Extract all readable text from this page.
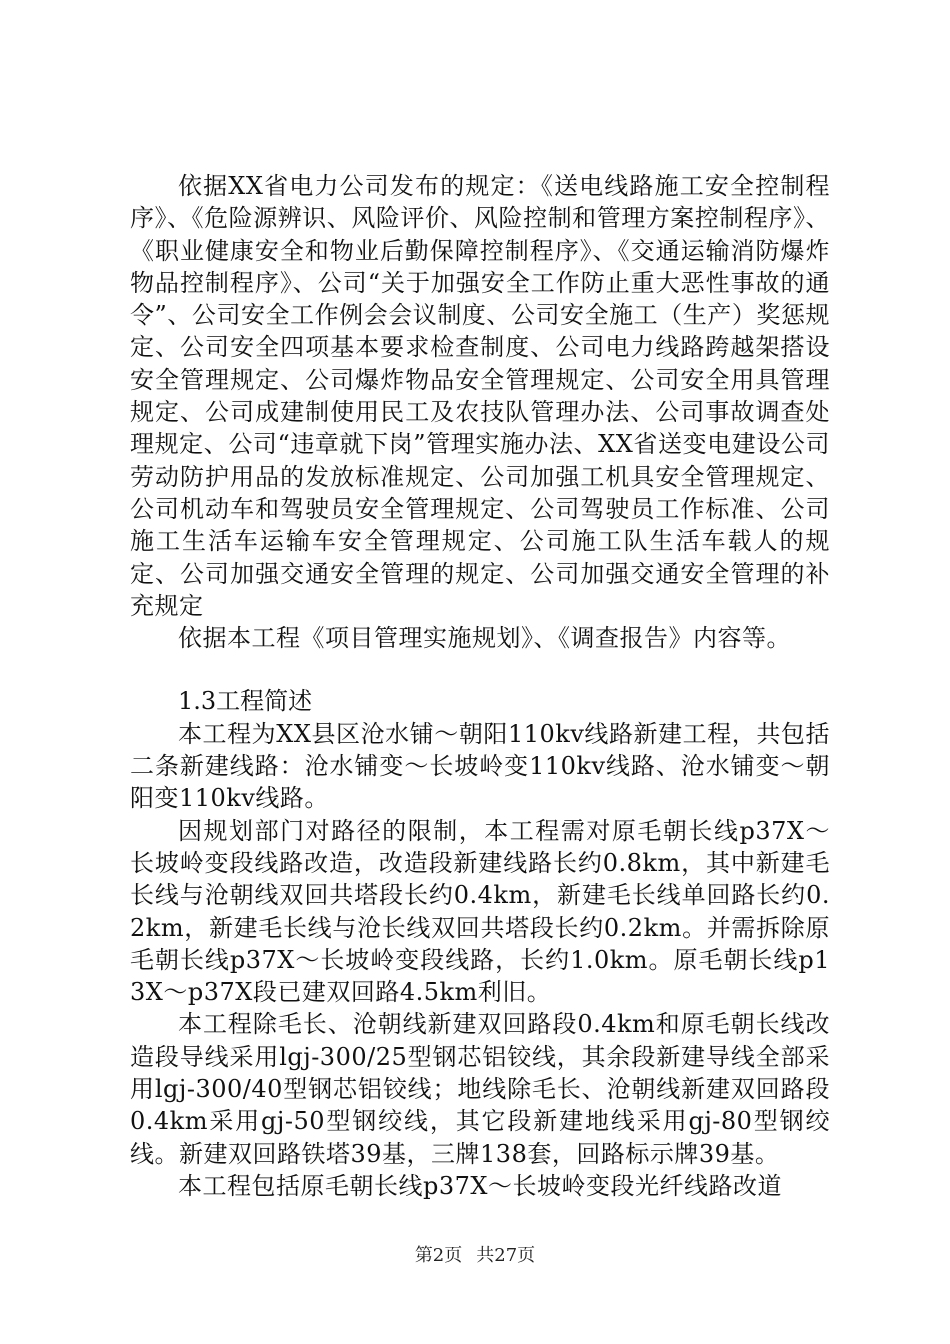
依据XX省电力公司发布的规定：《送电线路施工安全控制程序》、《危险源辨识、风险评价、风险控制和管理方案控制程序》、《职业健康安全和物业后勤保障控制程序》、《交通运输消防爆炸物品控制程序》、公司“关于加强安全工作防止重大恶性事故的通令”、公司安全工作例会会议制度、公司安全施工（生产）奖惩规定、公司安全四项基本要求检查制度、公司电力线路跨越架搭设安全管理规定、公司爆炸物品安全管理规定、公司安全用具管理规定、公司成建制使用民工及农技队管理办法、公司事故调查处理规定、公司“违章就下岗”管理实施办法、XX省送变电建设公司劳动防护用品的发放标准规定、公司加强工机具安全管理规定、公司机动车和驾驶员安全管理规定、公司驾驶员工作标准、公司施工生活车运输车安全管理规定、公司施工队生活车载人的规定、公司加强交通安全管理的规定、公司加强交通安全管理的补充规定

依据本工程《项目管理实施规划》、《调查报告》内容等。

1.3工程简述

本工程为XX县区沧水铺～朝阳110kv线路新建工程，共包括二条新建线路：沧水铺变～长坡岭变110kv线路、沧水铺变～朝阳变110kv线路。

因规划部门对路径的限制，本工程需对原毛朝长线p37X～长坡岭变段线路改造，改造段新建线路长约0.8km，其中新建毛长线与沧朝线双回共塔段长约0.4km，新建毛长线单回路长约0.2km，新建毛长线与沧长线双回共塔段长约0.2km。并需拆除原毛朝长线p37X～长坡岭变段线路，长约1.0km。原毛朝长线p13X～p37X段已建双回路4.5km利旧。

本工程除毛长、沧朝线新建双回路段0.4km和原毛朝长线改造段导线采用lgj-300/25型钢芯铝铰线，其余段新建导线全部采用lgj-300/40型钢芯铝铰线；地线除毛长、沧朝线新建双回路段0.4km采用gj-50型钢绞线，其它段新建地线采用gj-80型钢绞线。新建双回路铁塔39基，三牌138套，回路标示牌39基。

本工程包括原毛朝长线p37X～长坡岭变段光纤线路改道

第2页 共27页
